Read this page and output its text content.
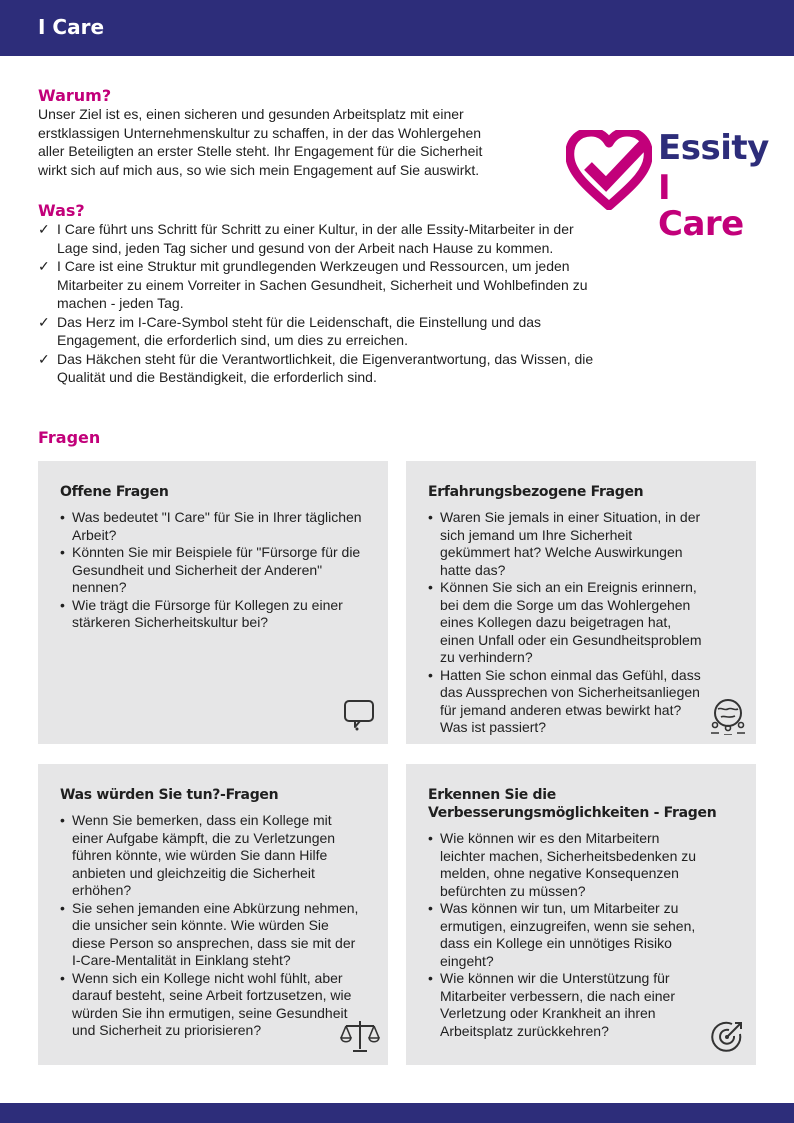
I Care
Warum?
Unser Ziel ist es, einen sicheren und gesunden Arbeitsplatz mit einer
erstklassigen Unternehmenskultur zu schaffen, in der das Wohlergehen
aller Beteiligten an erster Stelle steht. Ihr Engagement für die Sicherheit
wirkt sich auf mich aus, so wie sich mein Engagement auf Sie auswirkt.
Essity
I Care
Was?
✓ I Care führt uns Schritt für Schritt zu einer Kultur, in der alle Essity-Mitarbeiter in der Lage sind, jeden Tag sicher und gesund von der Arbeit nach Hause zu kommen.
✓ I Care ist eine Struktur mit grundlegenden Werkzeugen und Ressourcen, um jeden Mitarbeiter zu einem Vorreiter in Sachen Gesundheit, Sicherheit und Wohlbefinden zu machen - jeden Tag.
✓ Das Herz im I-Care-Symbol steht für die Leidenschaft, die Einstellung und das Engagement, die erforderlich sind, um dies zu erreichen.
✓ Das Häkchen steht für die Verantwortlichkeit, die Eigenverantwortung, das Wissen, die Qualität und die Beständigkeit, die erforderlich sind.
Fragen
Offene Fragen
• Was bedeutet "I Care" für Sie in Ihrer täglichen Arbeit?
• Könnten Sie mir Beispiele für "Fürsorge für die Gesundheit und Sicherheit der Anderen" nennen?
• Wie trägt die Fürsorge für Kollegen zu einer stärkeren Sicherheitskultur bei?
Erfahrungsbezogene Fragen
• Waren Sie jemals in einer Situation, in der sich jemand um Ihre Sicherheit gekümmert hat? Welche Auswirkungen hatte das?
• Können Sie sich an ein Ereignis erinnern, bei dem die Sorge um das Wohlergehen eines Kollegen dazu beigetragen hat, einen Unfall oder ein Gesundheitsproblem zu verhindern?
• Hatten Sie schon einmal das Gefühl, dass das Aussprechen von Sicherheitsanliegen für jemand anderen etwas bewirkt hat? Was ist passiert?
Was würden Sie tun?-Fragen
• Wenn Sie bemerken, dass ein Kollege mit einer Aufgabe kämpft, die zu Verletzungen führen könnte, wie würden Sie dann Hilfe anbieten und gleichzeitig die Sicherheit erhöhen?
• Sie sehen jemanden eine Abkürzung nehmen, die unsicher sein könnte. Wie würden Sie diese Person so ansprechen, dass sie mit der I-Care-Mentalität in Einklang steht?
• Wenn sich ein Kollege nicht wohl fühlt, aber darauf besteht, seine Arbeit fortzusetzen, wie würden Sie ihn ermutigen, seine Gesundheit und Sicherheit zu priorisieren?
Erkennen Sie die Verbesserungsmöglichkeiten - Fragen
• Wie können wir es den Mitarbeitern leichter machen, Sicherheitsbedenken zu melden, ohne negative Konsequenzen befürchten zu müssen?
• Was können wir tun, um Mitarbeiter zu ermutigen, einzugreifen, wenn sie sehen, dass ein Kollege ein unnötiges Risiko eingeht?
• Wie können wir die Unterstützung für Mitarbeiter verbessern, die nach einer Verletzung oder Krankheit an ihren Arbeitsplatz zurückkehren?
